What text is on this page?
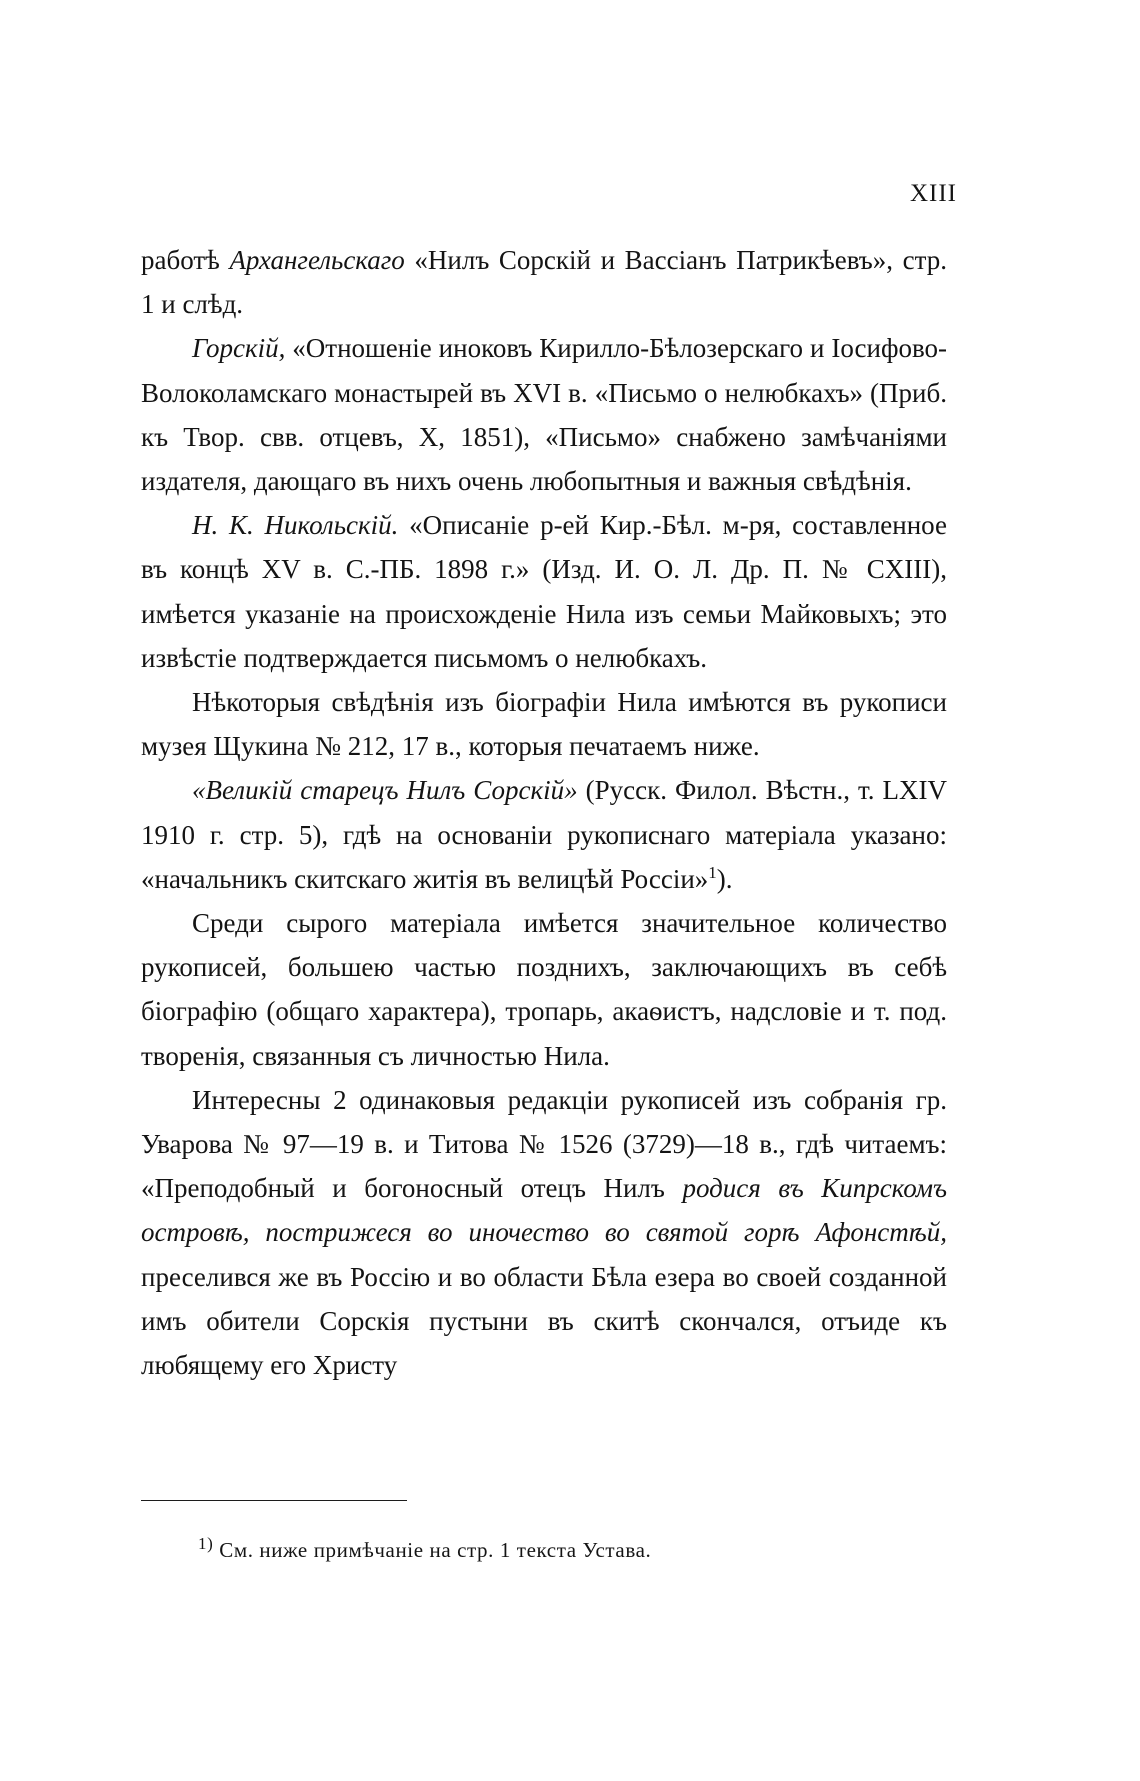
XIII

работѣ Архангельскаго «Нилъ Сорскій и Вассіанъ Патрикѣевъ», стр. 1 и слѣд.

Горскій, «Отношеніе иноковъ Кирилло-Бѣлозерскаго и Іосифово-Волоколамскаго монастырей въ XVI в. «Письмо о нелюбкахъ» (Приб. къ Твор. свв. отцевъ, X, 1851), «Письмо» снабжено замѣчаніями издателя, дающаго въ нихъ очень любопытныя и важныя свѣдѣнія.

Н. К. Никольскій. «Описаніе р-ей Кир.-Бѣл. м-ря, составленное въ концѣ XV в. С.-ПБ. 1898 г.» (Изд. И. О. Л. Др. П. № CXIII), имѣется указаніе на происхожденіе Нила изъ семьи Майковыхъ; это извѣстіе подтверждается письмомъ о нелюбкахъ.

Нѣкоторыя свѣдѣнія изъ біографіи Нила имѣются въ рукописи музея Щукина № 212, 17 в., которыя печатаемъ ниже.

«Великій старецъ Нилъ Сорскій» (Русск. Филол. Вѣстн., т. LXIV 1910 г. стр. 5), гдѣ на основаніи рукописнаго матеріала указано: «начальникъ скитскаго житія въ велицѣй Россіи»$^1$).

Среди сырого матеріала имѣется значительное количество рукописей, большею частью позднихъ, заключающихъ въ себѣ біографію (общаго характера), тропарь, акаѳистъ, надсловіе и т. под. творенія, связанныя съ личностью Нила.

Интересны 2 одинаковыя редакціи рукописей изъ собранія гр. Уварова № 97—19 в. и Титова № 1526 (3729)—18 в., гдѣ читаемъ: «Преподобный и богоносный отецъ Нилъ родися въ Кипрскомъ островѣ, пострижеся во иночество во святой горѣ Афонстѣй, преселився же въ Россію и во области Бѣла езера во своей созданной имъ обители Сорскія пустыни въ скитѣ скончался, отъиде къ любящему его Христу

$^{1)}$ См. ниже примѣчаніе на стр. 1 текста Устава.
